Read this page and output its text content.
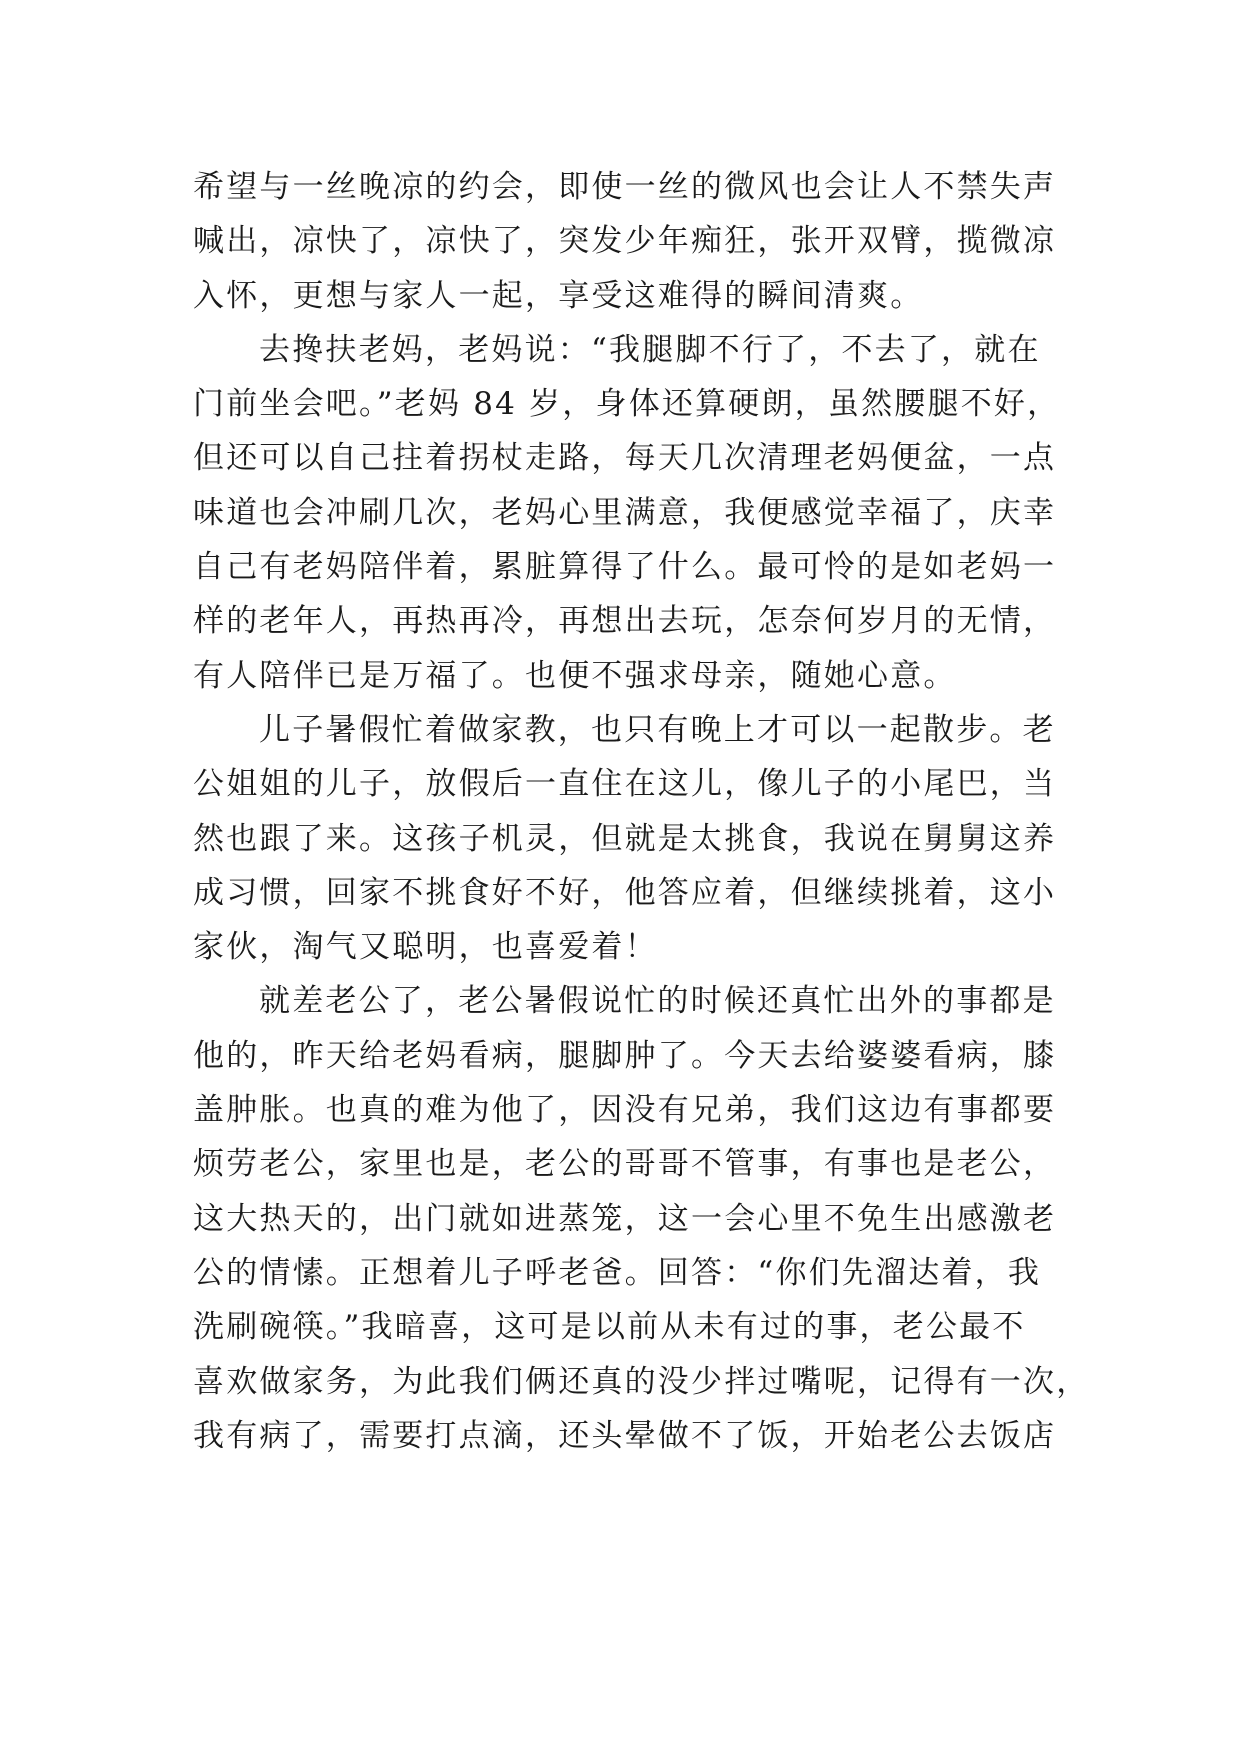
希望与一丝晚凉的约会，即使一丝的微风也会让人不禁失声
喊出，凉快了，凉快了，突发少年痴狂，张开双臂，揽微凉
入怀，更想与家人一起，享受这难得的瞬间清爽。
去搀扶老妈，老妈说：“我腿脚不行了，不去了，就在
门前坐会吧。”老妈 84 岁，身体还算硬朗，虽然腰腿不好，
但还可以自己拄着拐杖走路，每天几次清理老妈便盆，一点
味道也会冲刷几次，老妈心里满意，我便感觉幸福了，庆幸
自己有老妈陪伴着，累脏算得了什么。最可怜的是如老妈一
样的老年人，再热再冷，再想出去玩，怎奈何岁月的无情，
有人陪伴已是万福了。也便不强求母亲，随她心意。
儿子暑假忙着做家教，也只有晚上才可以一起散步。老
公姐姐的儿子，放假后一直住在这儿，像儿子的小尾巴，当
然也跟了来。这孩子机灵，但就是太挑食，我说在舅舅这养
成习惯，回家不挑食好不好，他答应着，但继续挑着，这小
家伙，淘气又聪明，也喜爱着！
就差老公了，老公暑假说忙的时候还真忙出外的事都是
他的，昨天给老妈看病，腿脚肿了。今天去给婆婆看病，膝
盖肿胀。也真的难为他了，因没有兄弟，我们这边有事都要
烦劳老公，家里也是，老公的哥哥不管事，有事也是老公，
这大热天的，出门就如进蒸笼，这一会心里不免生出感激老
公的情愫。正想着儿子呼老爸。回答：“你们先溜达着，我
洗刷碗筷。”我暗喜，这可是以前从未有过的事，老公最不
喜欢做家务，为此我们俩还真的没少拌过嘴呢，记得有一次，
我有病了，需要打点滴，还头晕做不了饭，开始老公去饭店
